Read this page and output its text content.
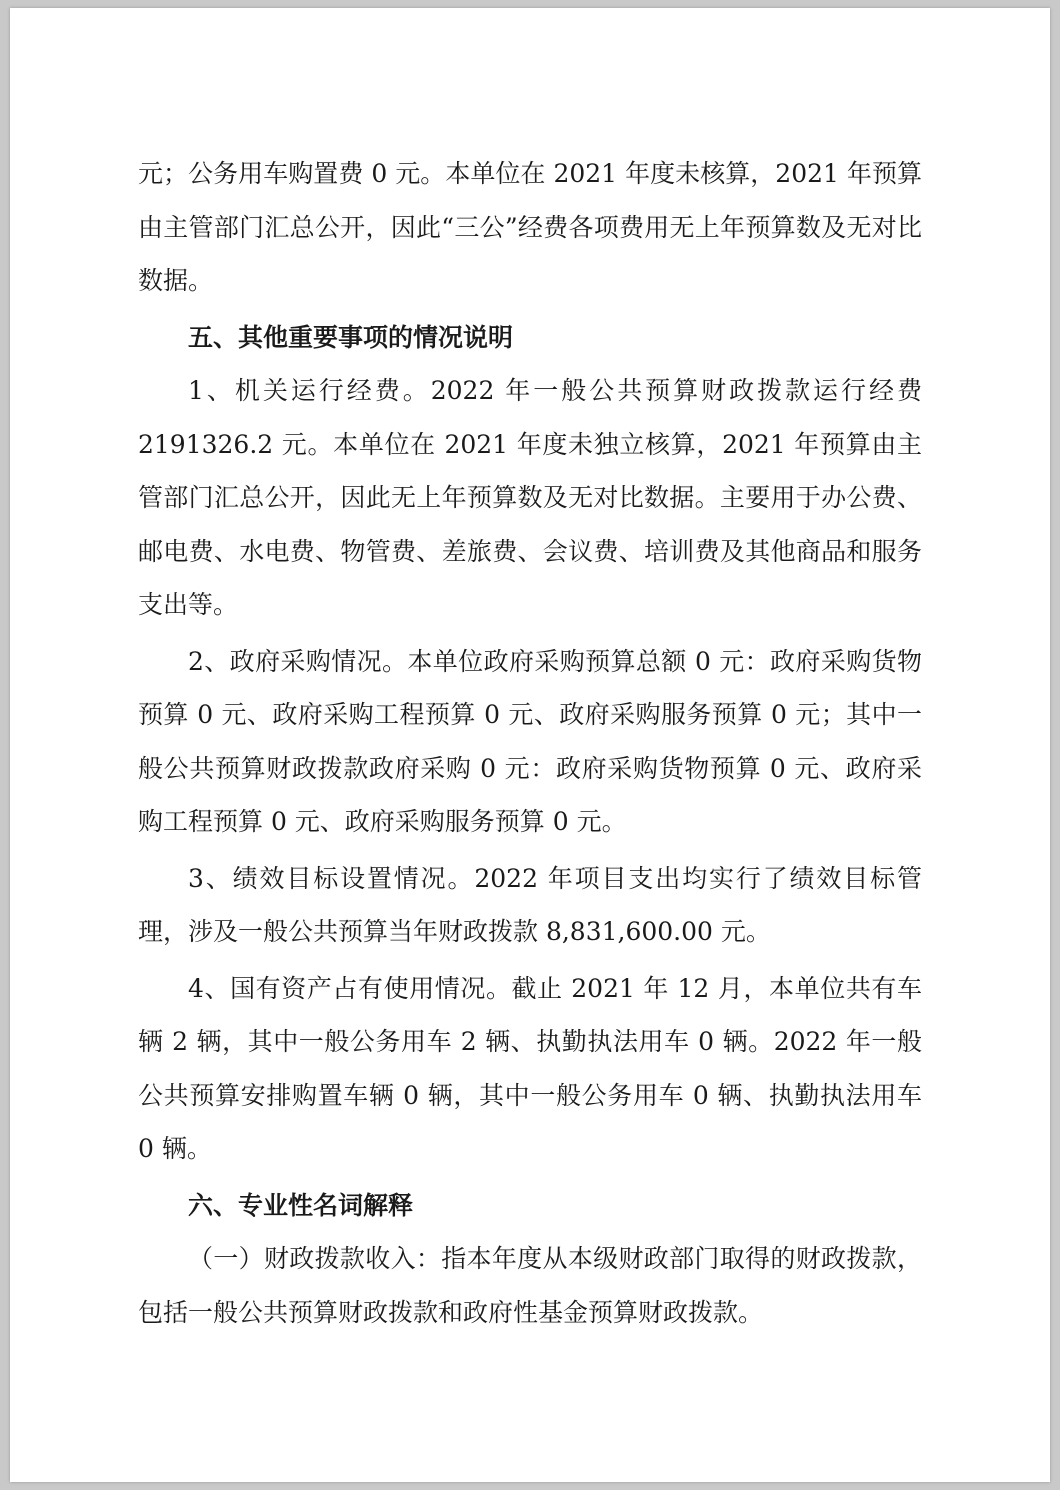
元；公务用车购置费 0 元。本单位在 2021 年度未核算，2021 年预算由主管部门汇总公开，因此“三公”经费各项费用无上年预算数及无对比数据。

五、其他重要事项的情况说明

1、机关运行经费。2022 年一般公共预算财政拨款运行经费 2191326.2 元。本单位在 2021 年度未独立核算，2021 年预算由主管部门汇总公开，因此无上年预算数及无对比数据。主要用于办公费、邮电费、水电费、物管费、差旅费、会议费、培训费及其他商品和服务支出等。

2、政府采购情况。本单位政府采购预算总额 0 元：政府采购货物预算 0 元、政府采购工程预算 0 元、政府采购服务预算 0 元；其中一般公共预算财政拨款政府采购 0 元：政府采购货物预算 0 元、政府采购工程预算 0 元、政府采购服务预算 0 元。

3、绩效目标设置情况。2022 年项目支出均实行了绩效目标管理，涉及一般公共预算当年财政拨款 8,831,600.00 元。

4、国有资产占有使用情况。截止 2021 年 12 月，本单位共有车辆 2 辆，其中一般公务用车 2 辆、执勤执法用车 0 辆。2022 年一般公共预算安排购置车辆 0 辆，其中一般公务用车 0 辆、执勤执法用车 0 辆。

六、专业性名词解释

（一）财政拨款收入：指本年度从本级财政部门取得的财政拨款，包括一般公共预算财政拨款和政府性基金预算财政拨款。
